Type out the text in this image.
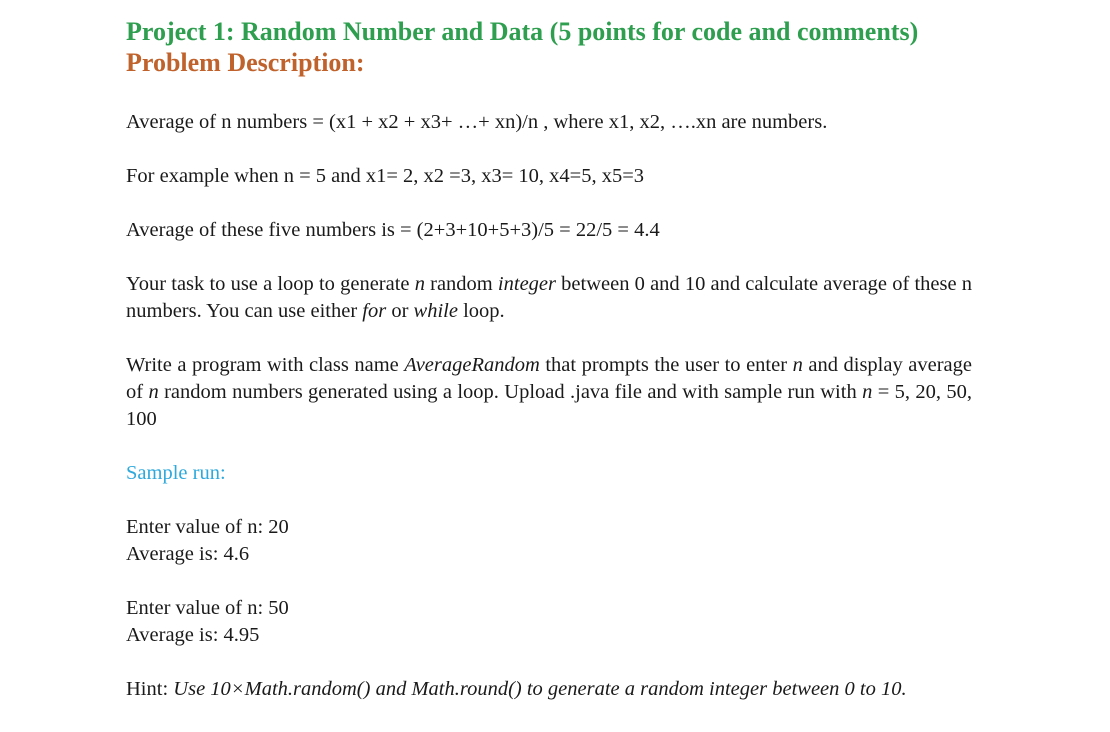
Project 1: Random Number and Data (5 points for code and comments)
Problem Description:

Average of n numbers = (x1 + x2 + x3+ …+ xn)/n , where x1, x2, ….xn are numbers.

For example when n = 5 and x1= 2, x2 =3, x3= 10, x4=5, x5=3

Average of these five numbers is = (2+3+10+5+3)/5 = 22/5 = 4.4

Your task to use a loop to generate n random integer between 0 and 10 and calculate average of these n numbers. You can use either for or while loop.

Write a program with class name AverageRandom that prompts the user to enter n and display average of n random numbers generated using a loop. Upload .java file and with sample run with n = 5, 20, 50, 100

Sample run:

Enter value of n: 20

Average is: 4.6

Enter value of n: 50

Average is: 4.95

Hint: Use 10×Math.random() and Math.round() to generate a random integer between 0 to 10.
